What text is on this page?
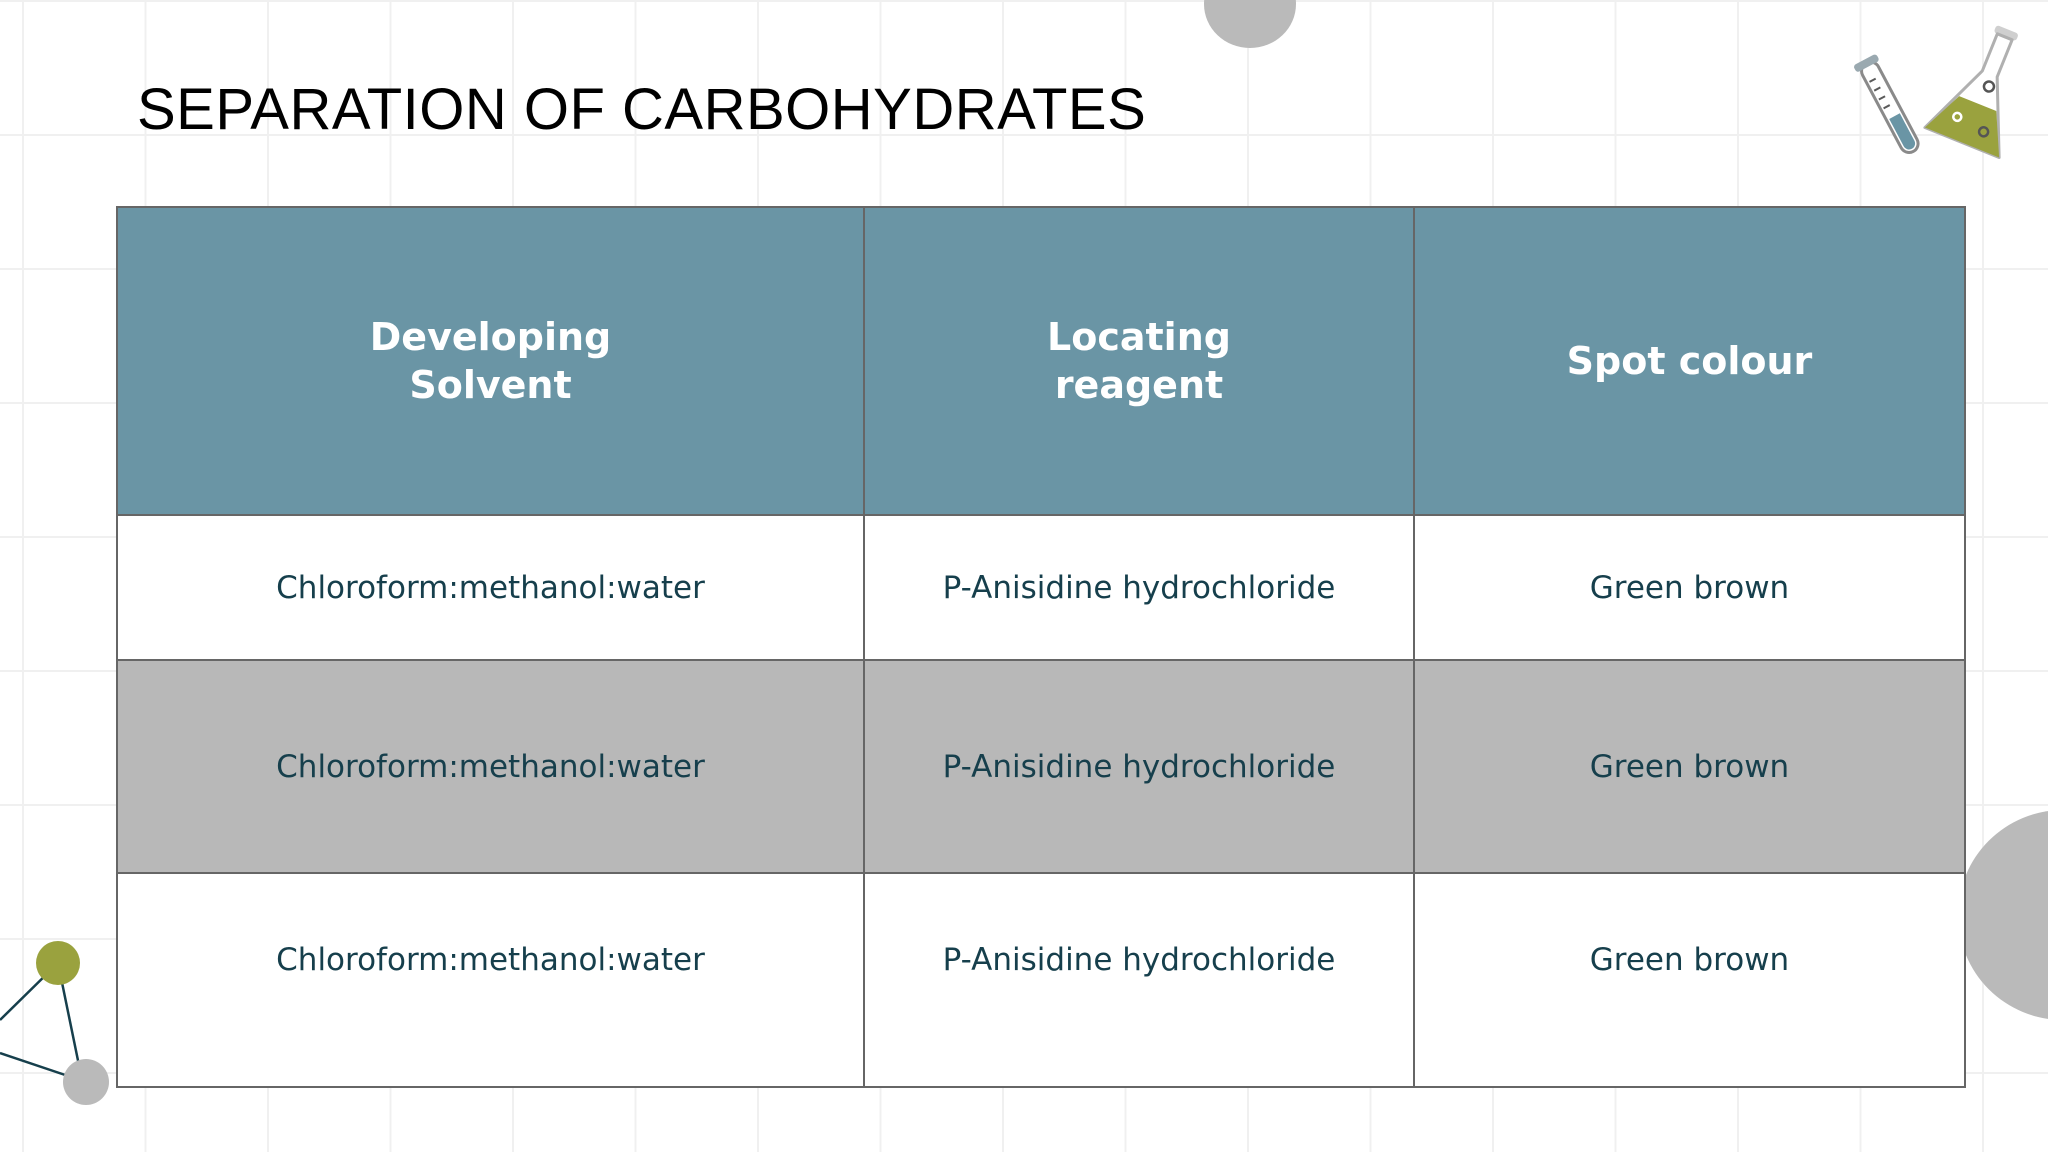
SEPARATION OF CARBOHYDRATES
Developing Solvent	Locating reagent	Spot colour
Chloroform:methanol:water	P-Anisidine hydrochloride	Green brown
Chloroform:methanol:water	P-Anisidine hydrochloride	Green brown
Chloroform:methanol:water	P-Anisidine hydrochloride	Green brown
